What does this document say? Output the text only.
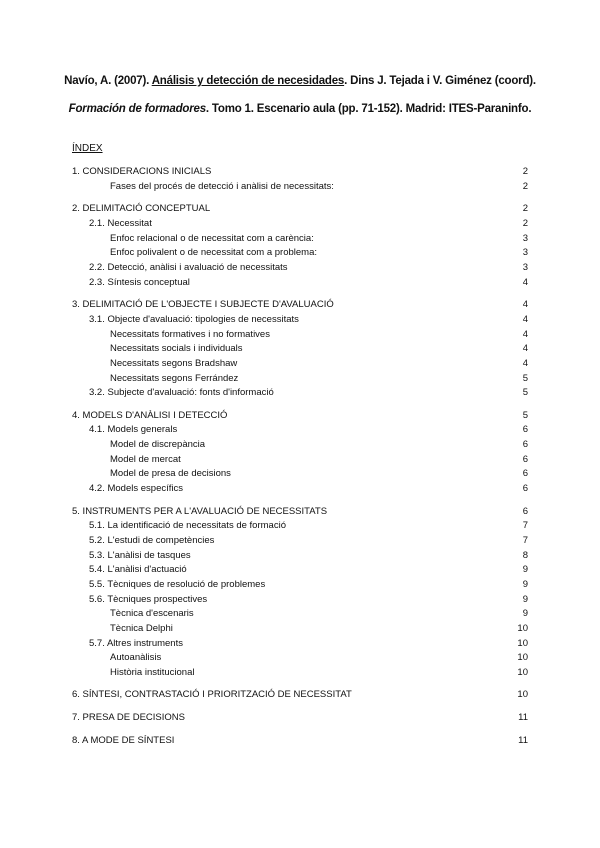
Navío, A. (2007). Análisis y detección de necesidades. Dins J. Tejada i V. Giménez (coord).
Formación de formadores. Tomo 1. Escenario aula (pp. 71-152). Madrid: ITES-Paraninfo.
ÍNDEX
1. CONSIDERACIONS INICIALS	2
Fases del procés de detecció i anàlisi de necessitats:	2
2. DELIMITACIÓ CONCEPTUAL	2
2.1. Necessitat	2
Enfoc relacional o de necessitat com a carència:	3
Enfoc polivalent o de necessitat com a problema:	3
2.2. Detecció, anàlisi i avaluació de necessitats	3
2.3. Síntesis conceptual	4
3. DELIMITACIÓ DE L'OBJECTE I SUBJECTE D'AVALUACIÓ	4
3.1. Objecte d'avaluació: tipologies de necessitats	4
Necessitats formatives i no formatives	4
Necessitats socials i individuals	4
Necessitats segons Bradshaw	4
Necessitats segons Ferrández	5
3.2. Subjecte d'avaluació: fonts d'informació	5
4. MODELS D'ANÀLISI I DETECCIÓ	5
4.1. Models generals	6
Model de discrepància	6
Model de mercat	6
Model de presa de decisions	6
4.2. Models específics	6
5. INSTRUMENTS PER A L'AVALUACIÓ DE NECESSITATS	6
5.1. La identificació de necessitats de formació	7
5.2. L'estudi de competències	7
5.3. L'anàlisi de tasques	8
5.4. L'anàlisi d'actuació	9
5.5. Tècniques de resolució de problemes	9
5.6. Tècniques prospectives	9
Tècnica d'escenaris	9
Tècnica Delphi	10
5.7. Altres instruments	10
Autoanàlisis	10
Història institucional	10
6. SÍNTESI, CONTRASTACIÓ I PRIORITZACIÓ DE NECESSITAT	10
7. PRESA DE DECISIONS	11
8. A MODE DE SÍNTESI	11
